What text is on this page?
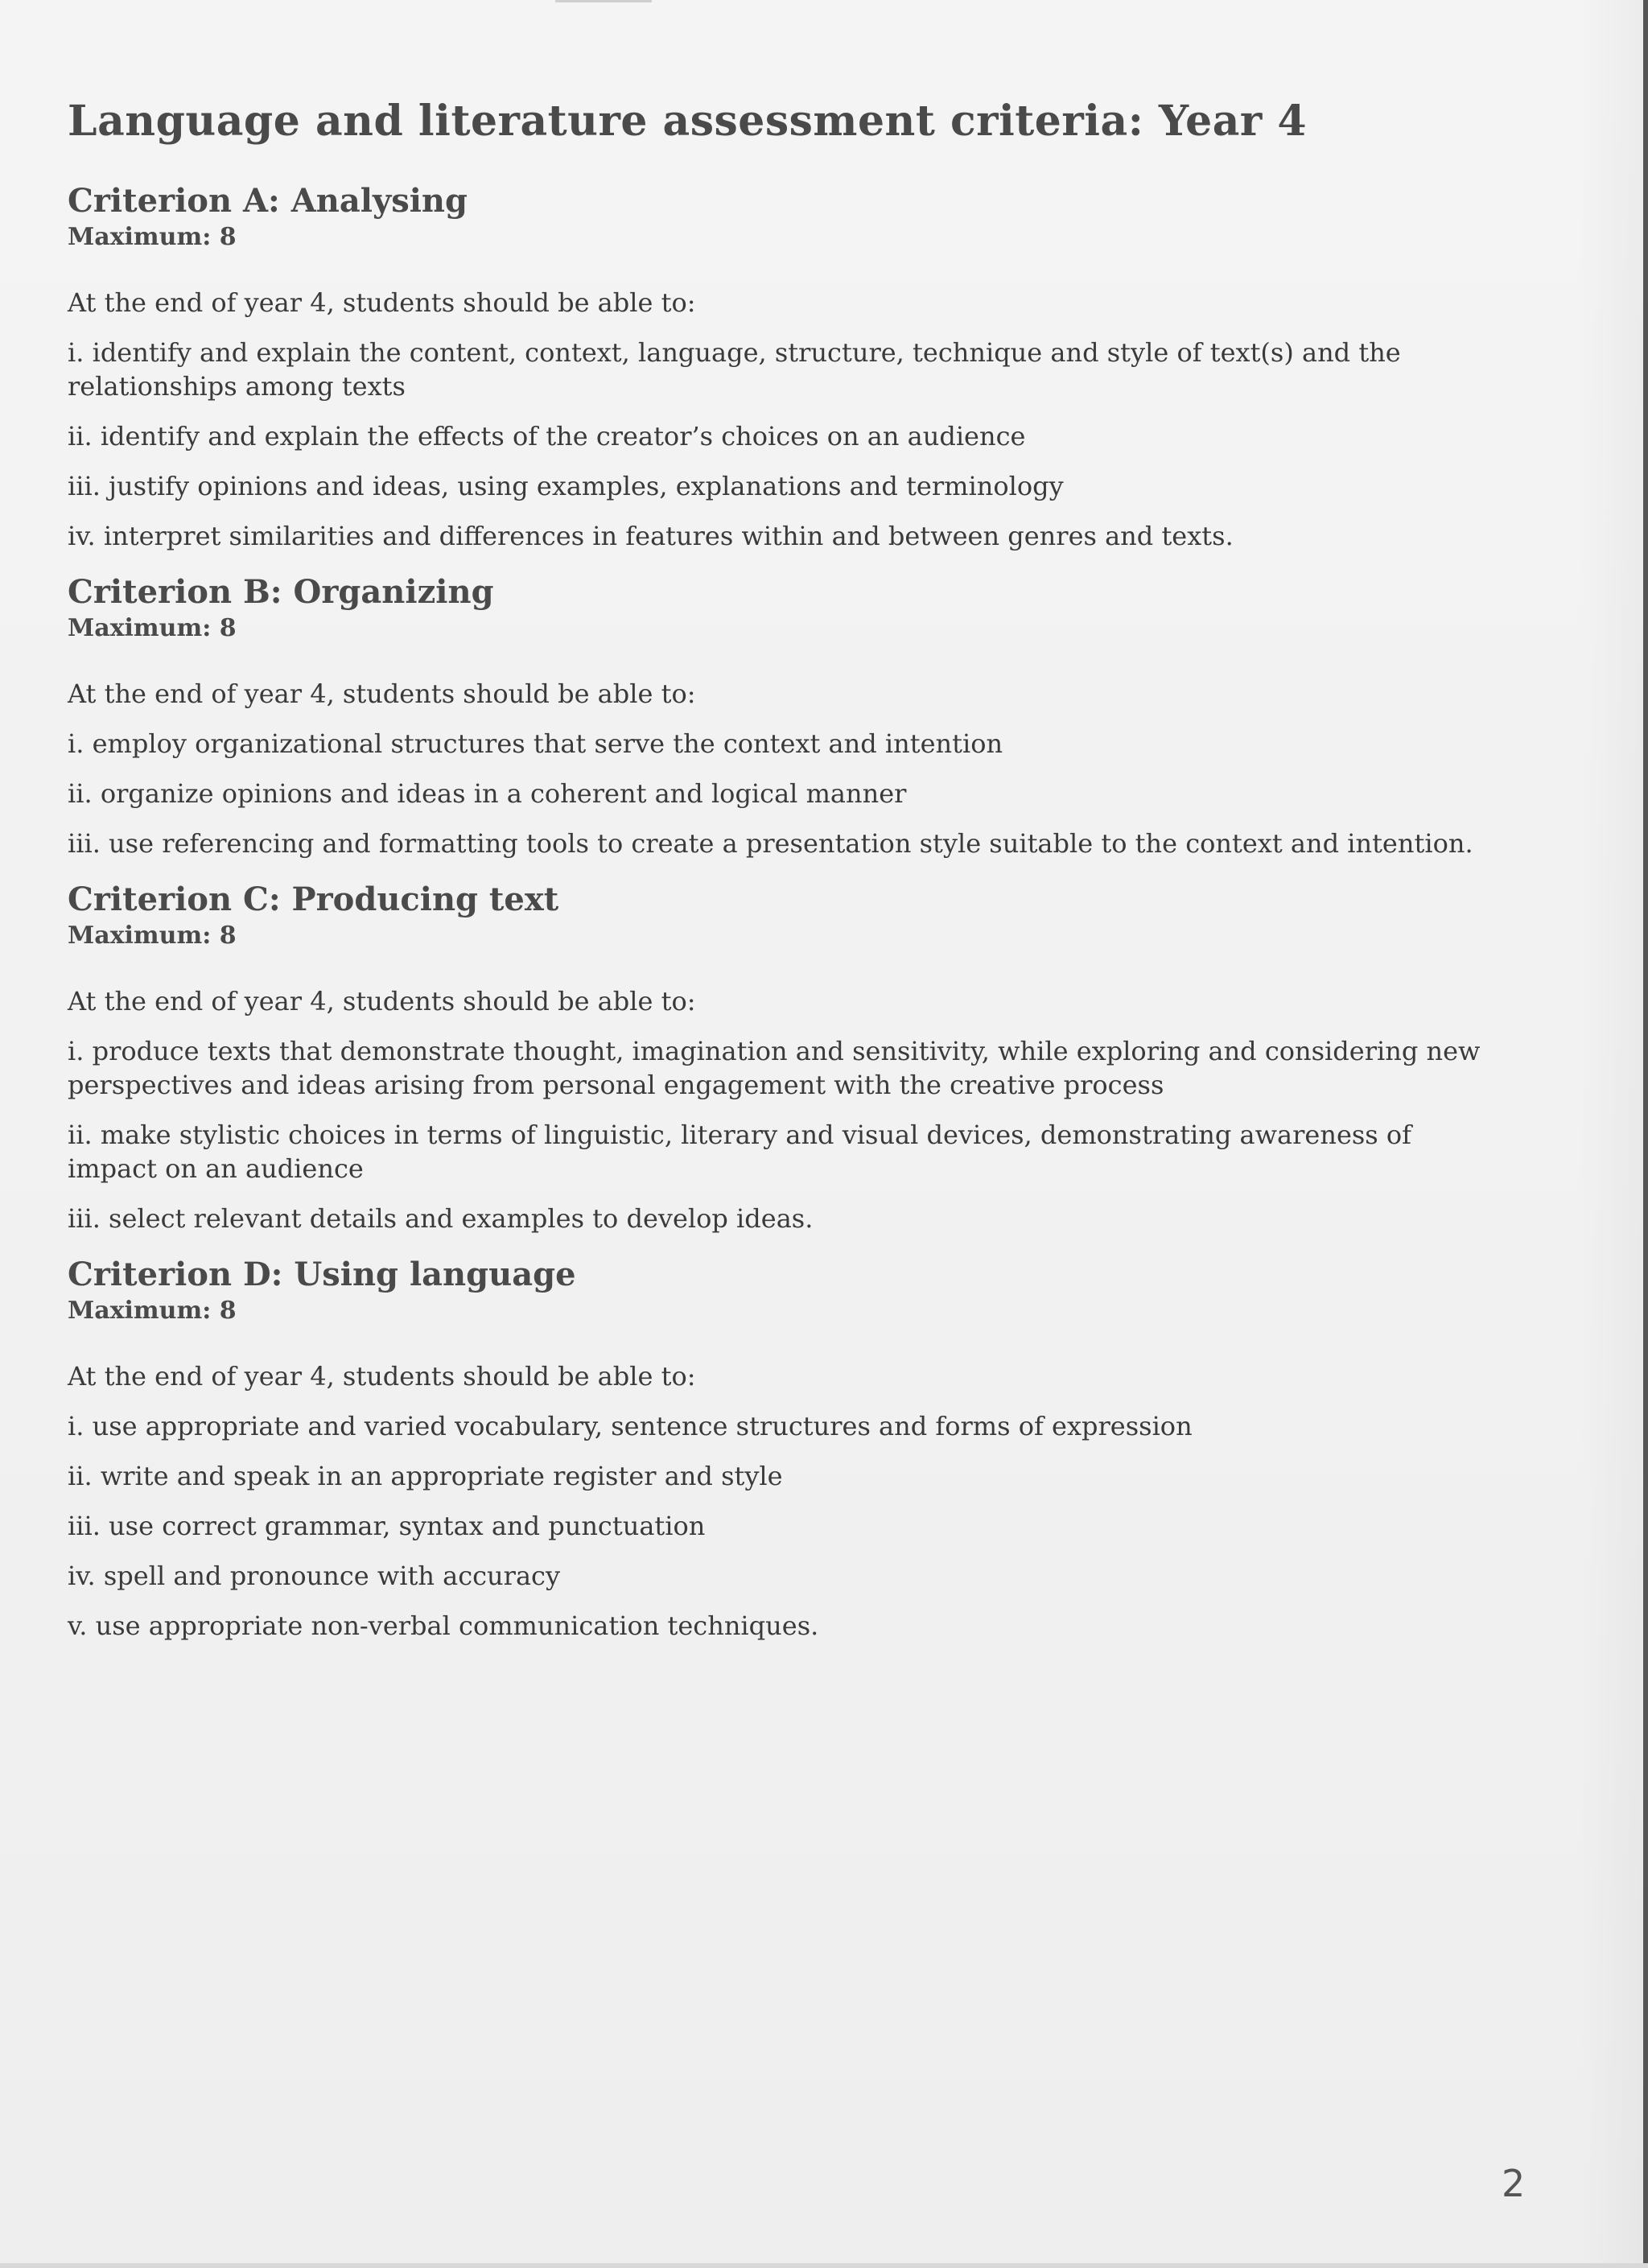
Language and literature assessment criteria: Year 4
Criterion A: Analysing
Maximum: 8

At the end of year 4, students should be able to:

i. identify and explain the content, context, language, structure, technique and style of text(s) and the relationships among texts

ii. identify and explain the effects of the creator’s choices on an audience

iii. justify opinions and ideas, using examples, explanations and terminology

iv. interpret similarities and differences in features within and between genres and texts.

Criterion B: Organizing
Maximum: 8

At the end of year 4, students should be able to:

i. employ organizational structures that serve the context and intention

ii. organize opinions and ideas in a coherent and logical manner

iii. use referencing and formatting tools to create a presentation style suitable to the context and intention.

Criterion C: Producing text
Maximum: 8

At the end of year 4, students should be able to:

i. produce texts that demonstrate thought, imagination and sensitivity, while exploring and considering new perspectives and ideas arising from personal engagement with the creative process

ii. make stylistic choices in terms of linguistic, literary and visual devices, demonstrating awareness of impact on an audience

iii. select relevant details and examples to develop ideas.

Criterion D: Using language
Maximum: 8

At the end of year 4, students should be able to:

i. use appropriate and varied vocabulary, sentence structures and forms of expression

ii. write and speak in an appropriate register and style

iii. use correct grammar, syntax and punctuation

iv. spell and pronounce with accuracy

v. use appropriate non-verbal communication techniques.

2
